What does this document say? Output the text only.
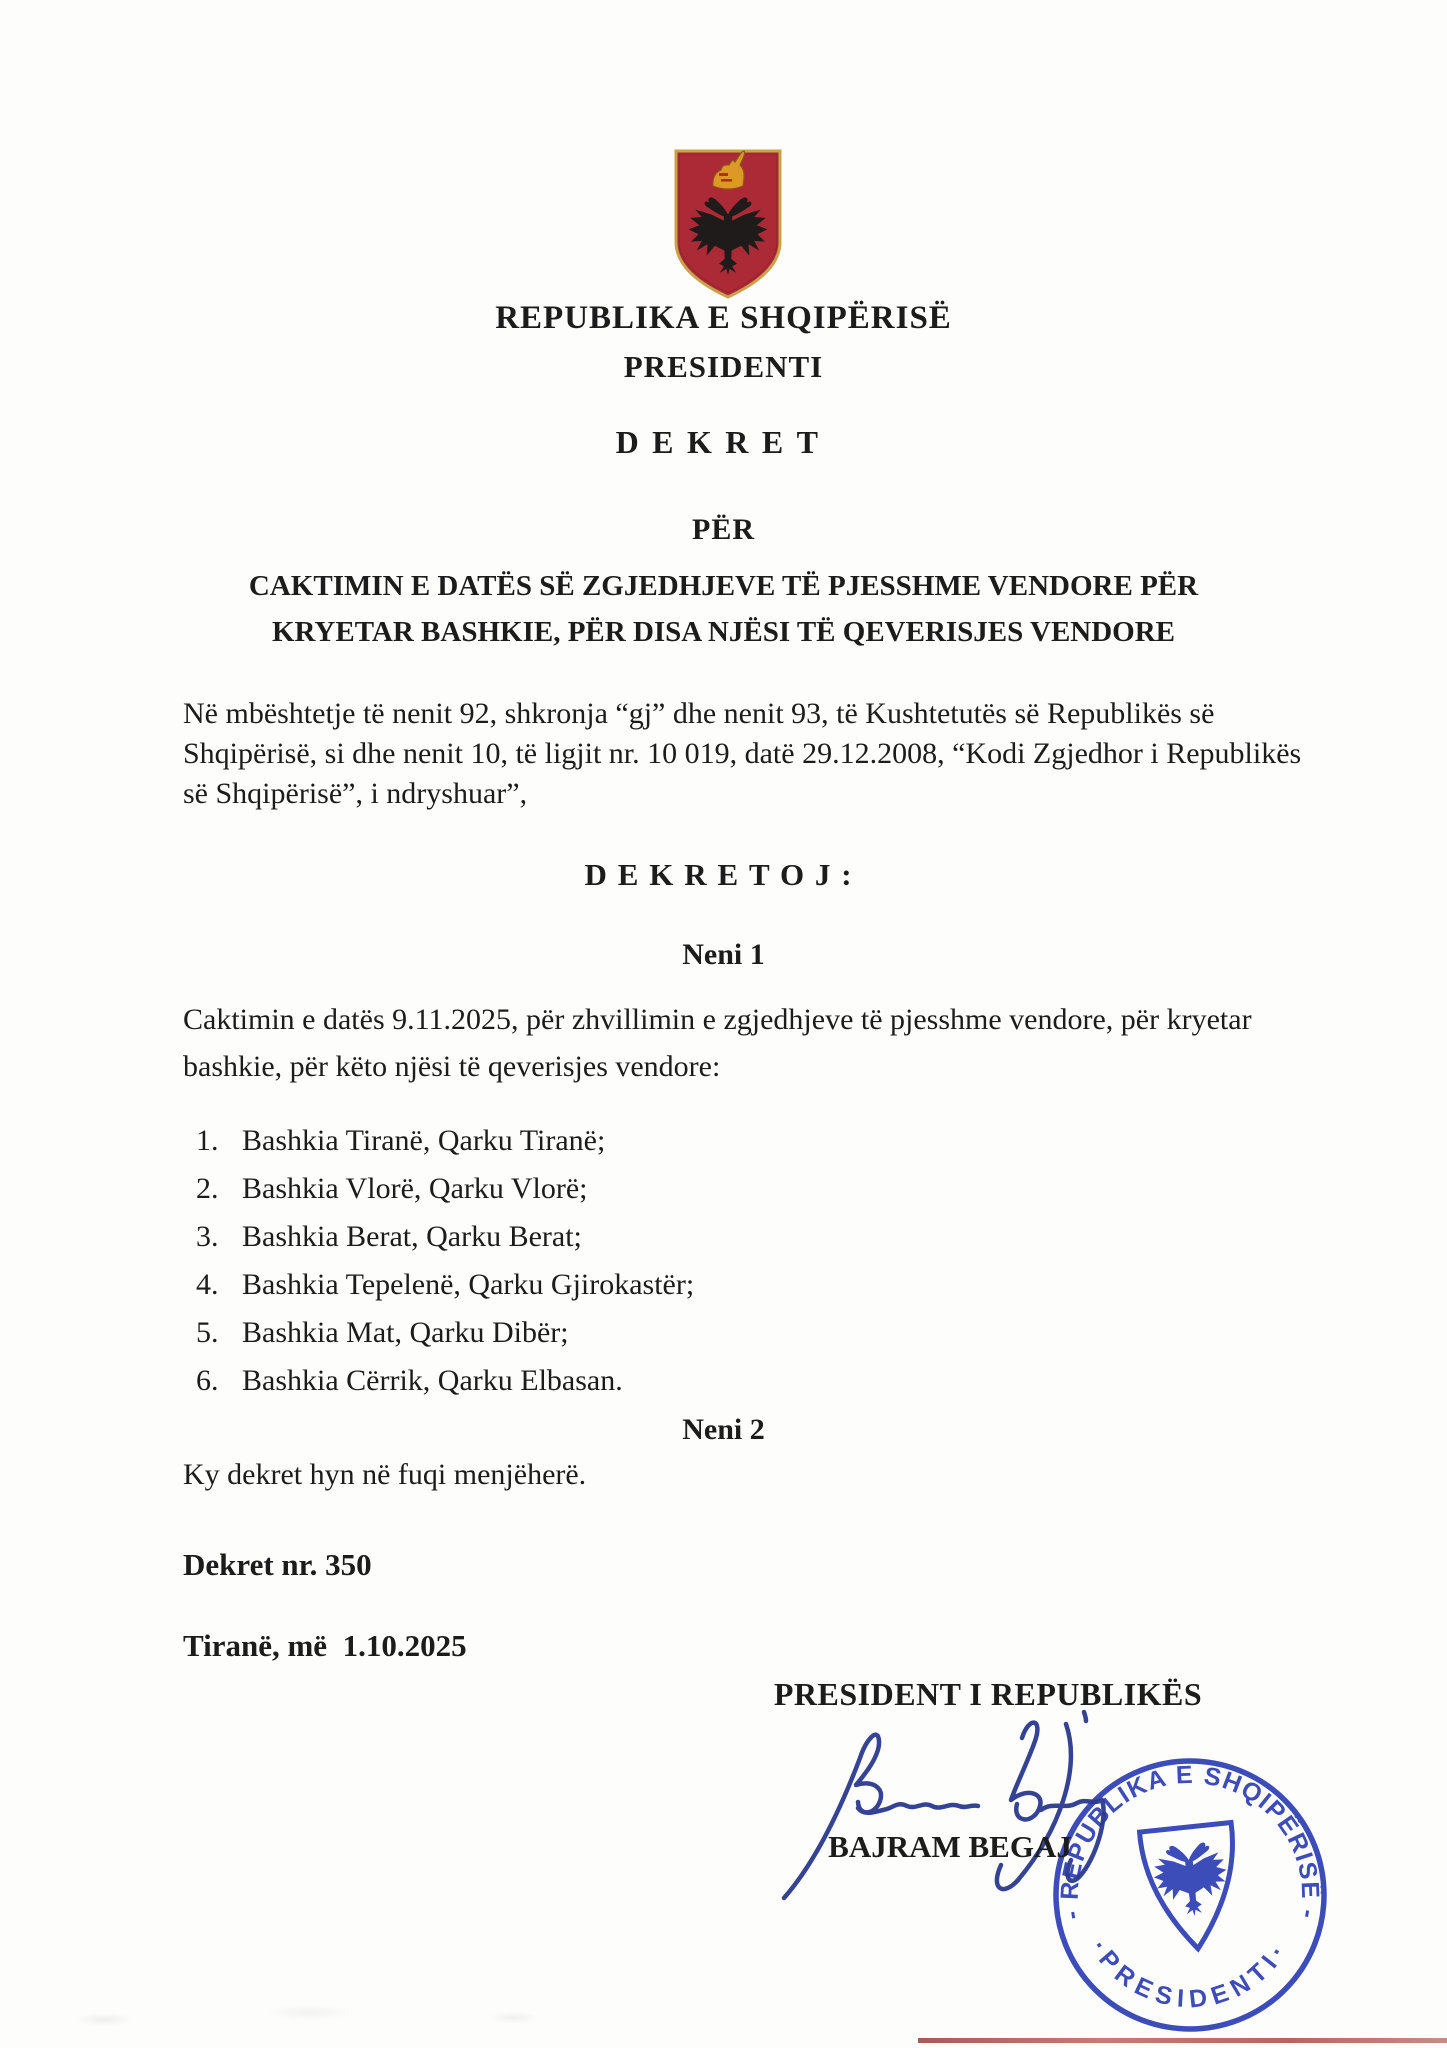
REPUBLIKA E SHQIPËRISË
PRESIDENTI
DEKRET
PËR
CAKTIMIN E DATËS SË ZGJEDHJEVE TË PJESSHME VENDORE PËR
KRYETAR BASHKIE, PËR DISA NJËSI TË QEVERISJES VENDORE

Në mbështetje të nenit 92, shkronja “gj” dhe nenit 93, të Kushtetutës së Republikës së Shqipërisë, si dhe nenit 10, të ligjit nr. 10 019, datë 29.12.2008, “Kodi Zgjedhor i Republikës së Shqipërisë”, i ndryshuar”,

DEKRETOJ:
Neni 1

Caktimin e datës 9.11.2025, për zhvillimin e zgjedhjeve të pjesshme vendore, për kryetar bashkie, për këto njësi të qeverisjes vendore:

Bashkia Tiranë, Qarku Tiranë;
Bashkia Vlorë, Qarku Vlorë;
Bashkia Berat, Qarku Berat;
Bashkia Tepelenë, Qarku Gjirokastër;
Bashkia Mat, Qarku Dibër;
Bashkia Cërrik, Qarku Elbasan.
Neni 2

Ky dekret hyn në fuqi menjëherë.

Dekret nr. 350
Tiranë, më  1.10.2025
PRESIDENT I REPUBLIKËS
- REPUBLIKA E SHQIPËRISË -
·PRESIDENTI·
BAJRAM BEGAJ
